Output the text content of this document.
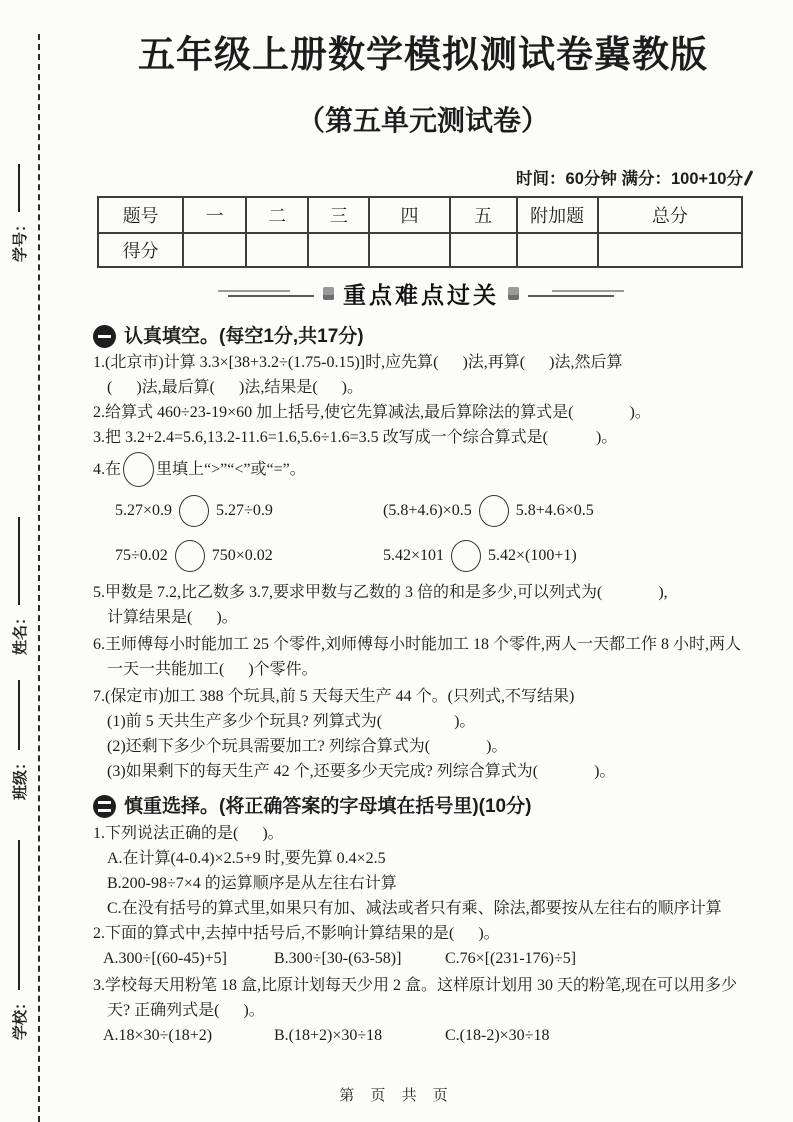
学号：
姓名：
班级：
学校：
五年级上册数学模拟测试卷冀教版
（第五单元测试卷）
时间：60分钟 满分：100+10分
题号	一	二	三	四	五	附加题	总分
得分							
重点难点过关
认真填空。(每空1分,共17分)
1.(北京市)计算 3.3×[38+3.2÷(1.75-0.15)]时,应先算(      )法,再算(      )法,然后算
(      )法,最后算(      )法,结果是(      )。
2.给算式 460÷23-19×60 加上括号,使它先算减法,最后算除法的算式是(              )。
3.把 3.2+2.4=5.6,13.2-11.6=1.6,5.6÷1.6=3.5 改写成一个综合算式是(            )。
4.在 里填上“>”“<”或“=”。
5.27×0.9	5.27÷0.9	(5.8+4.6)×0.5	5.8+4.6×0.5
75÷0.02	750×0.02	5.42×101	5.42×(100+1)
5.甲数是 7.2,比乙数多 3.7,要求甲数与乙数的 3 倍的和是多少,可以列式为(              ),
计算结果是(      )。
6.王师傅每小时能加工 25 个零件,刘师傅每小时能加工 18 个零件,两人一天都工作 8 小时,两人
一天一共能加工(      )个零件。
7.(保定市)加工 388 个玩具,前 5 天每天生产 44 个。(只列式,不写结果)
(1)前 5 天共生产多少个玩具? 列算式为(                  )。
(2)还剩下多少个玩具需要加工? 列综合算式为(              )。
(3)如果剩下的每天生产 42 个,还要多少天完成? 列综合算式为(              )。
慎重选择。(将正确答案的字母填在括号里)(10分)
1.下列说法正确的是(      )。
A.在计算(4-0.4)×2.5+9 时,要先算 0.4×2.5
B.200-98÷7×4 的运算顺序是从左往右计算
C.在没有括号的算式里,如果只有加、减法或者只有乘、除法,都要按从左往右的顺序计算
2.下面的算式中,去掉中括号后,不影响计算结果的是(      )。

A.300÷[(60-45)+5]

	B.300÷[30-(63-58)]

	C.76×[(231-176)÷5]

3.学校每天用粉笔 18 盒,比原计划每天少用 2 盒。这样原计划用 30 天的粉笔,现在可以用多少
天? 正确列式是(      )。

A.18×30÷(18+2)

	B.(18+2)×30÷18

	C.(18-2)×30÷18

第 页 共 页
